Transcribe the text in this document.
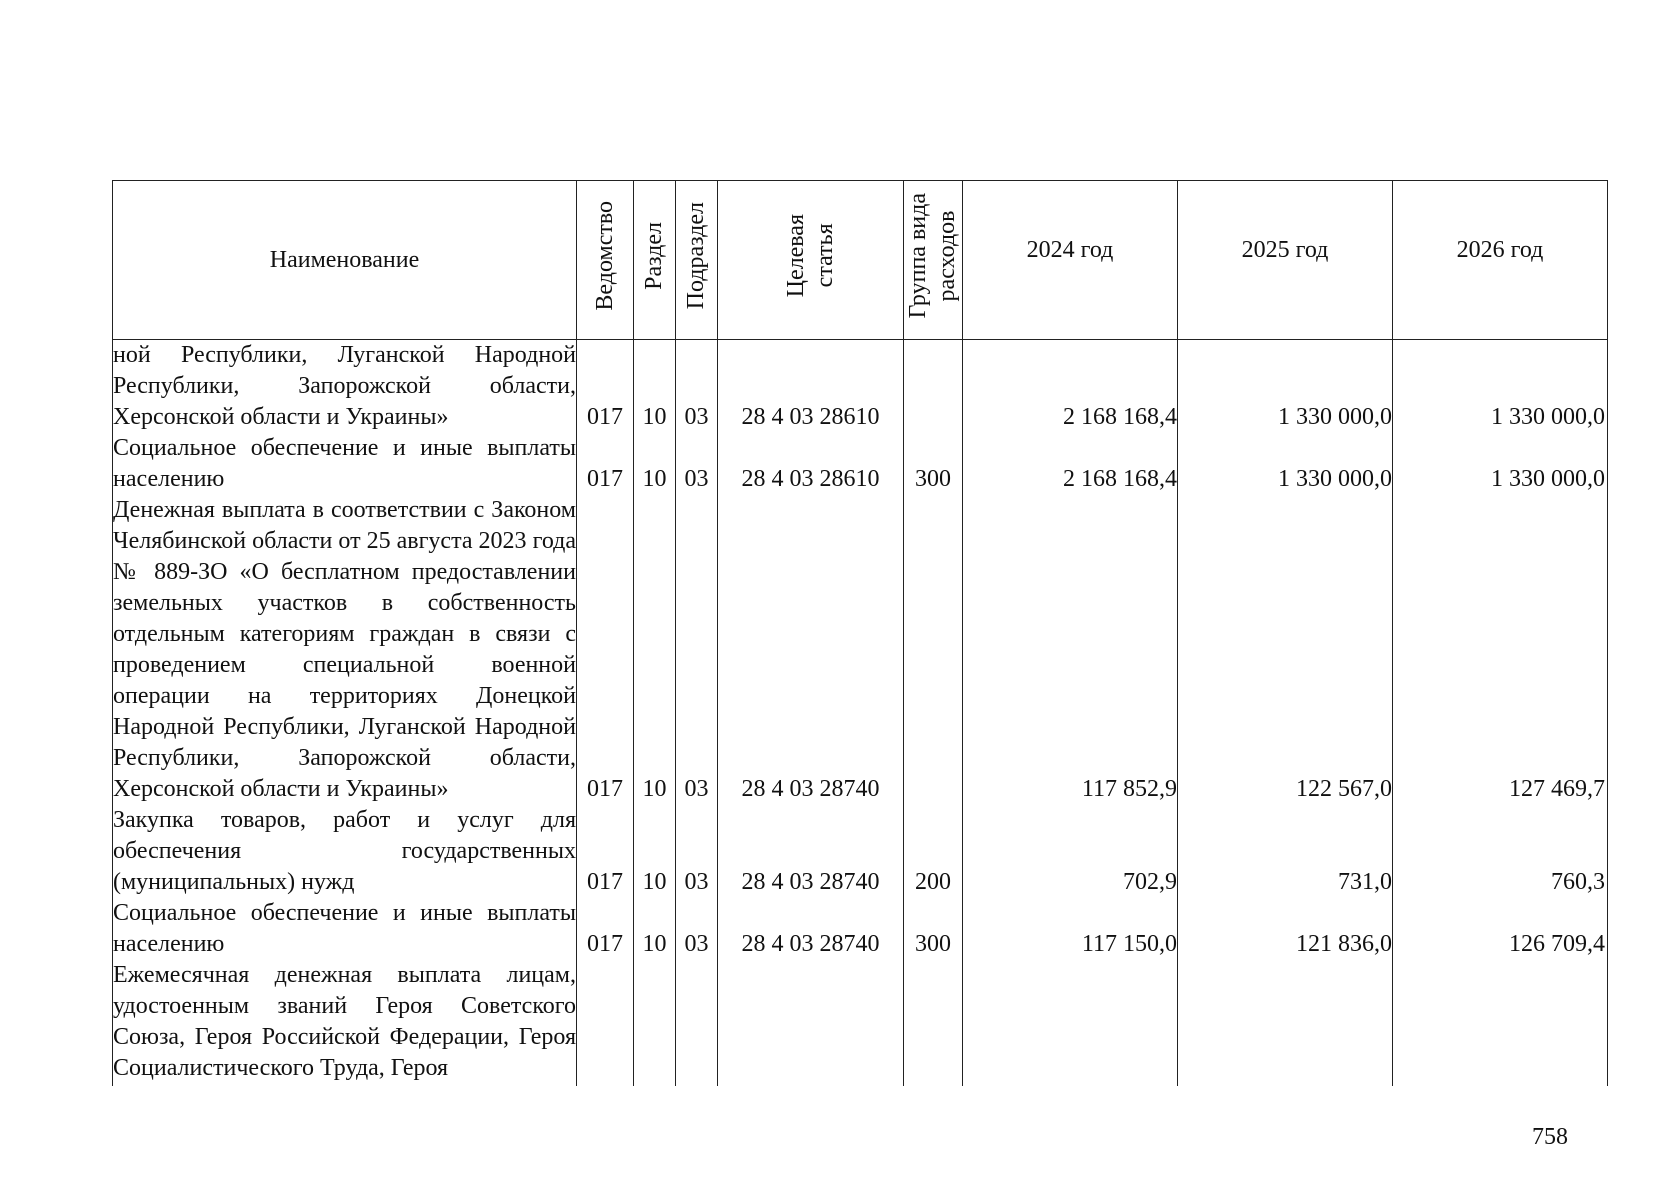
Наименование	Ведомство	Раздел	Подраздел	Целевая статья	Группа вида расходов	2024 год	2025 год	2026 год

ной Республики, Луганской Народной Республики, Запорожской области, Херсонской области и Украины»	017	10	03	28 4 03 28610		2 168 168,4	1 330 000,0	1 330 000,0
Социальное обеспечение и иные выплаты населению	017	10	03	28 4 03 28610	300	2 168 168,4	1 330 000,0	1 330 000,0
Денежная выплата в соответствии с Законом Челябинской области от 25 августа 2023 года № 889-ЗО «О бесплатном предоставлении земельных участков в собственность отдельным категориям граждан в связи с проведением специальной военной операции на территориях Донецкой Народной Республики, Луганской Народной Республики, Запорожской области, Херсонской области и Украины»	017	10	03	28 4 03 28740		117 852,9	122 567,0	127 469,7
Закупка товаров, работ и услуг для обеспечения государственных (муниципальных) нужд	017	10	03	28 4 03 28740	200	702,9	731,0	760,3
Социальное обеспечение и иные выплаты населению	017	10	03	28 4 03 28740	300	117 150,0	121 836,0	126 709,4
Ежемесячная денежная выплата лицам, удостоенным званий Героя Советского Союза, Героя Российской Федерации, Героя Социалистического Труда, Героя								
758
